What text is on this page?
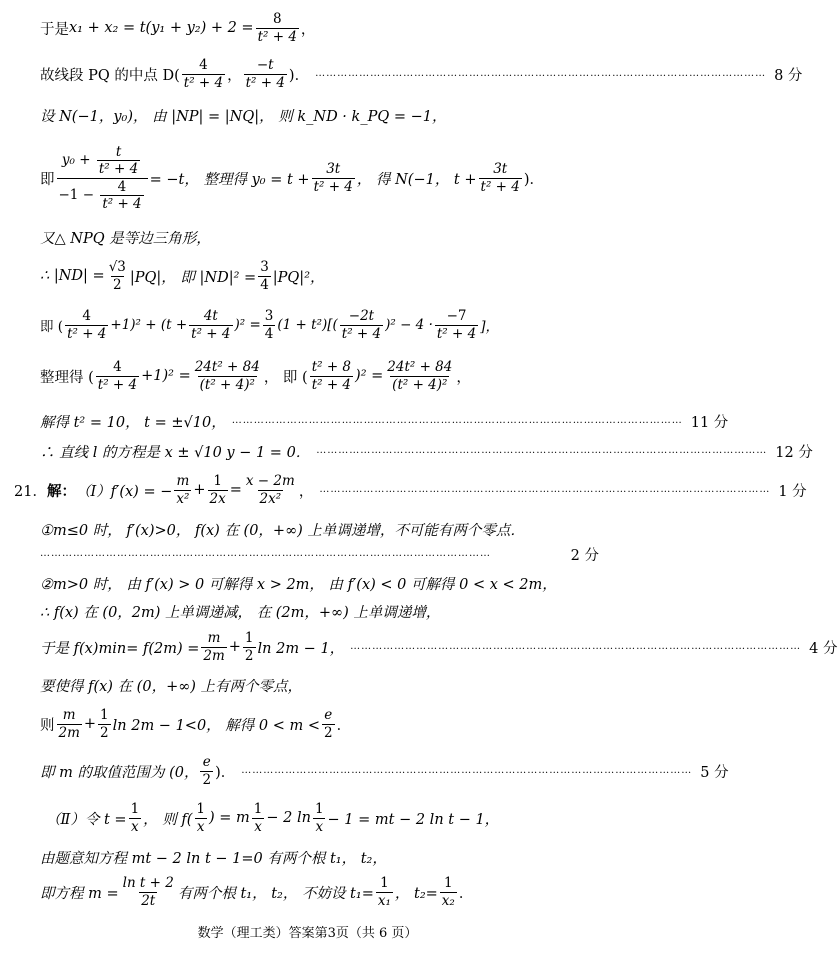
于是 $x_1 + x_2 = t(y_1 + y_2) + 2 = \frac{8}{\text{t² + 4}}$ ，
故线段 PQ 的中点 $D( \frac{4}{\text{t² + 4}}$ ， $\frac{-t}{\text{t² + 4}}$ )． …………………………………………………………………………………………………………… 8 分
设 N(−1，y₀)， 由 |NP| = |NQ|， 则 k_ND · k_PQ = −1，
即 $\frac{y_0 + \frac{t}{\text{t² + 4}}}{-1 - \frac{4}{\text{t² + 4}}} = -t$， 整理得 $y_0 = t + \frac{3t}{\text{t² + 4}}$ ， 得 N(−1， $t + \frac{3t}{\text{t² + 4}}$ )．
又△ NPQ 是等边三角形，
∴ $|ND| = \frac{√3}{2} |PQ|$， 即 $|ND|^2 = \frac{3}{4} |PQ|^2$，
即 ( $\frac{4}{\text{t² + 4}} +1)^2 + (t + \frac{4t}{\text{t² + 4}} )^2 = \frac{3}{4} (1 + t^2)[( \frac{-2t}{\text{t² + 4}} )^2 - 4 \cdot \frac{-7}{\text{t² + 4}}$ ]，
整理得 ( $\frac{4}{\text{t² + 4}} +1)^2 = \frac{\text{24t² + 84}}{\text{(t² + 4)²}}$ ， 即 ( $\frac{\text{t² + 8}}{\text{t² + 4}} )^2 = \frac{\text{24t² + 84}}{\text{(t² + 4)²}}$ ，
解得 t² = 10， t = ±√10， …………………………………………………………………………………………………………… 11 分
∴ 直线 l 的方程是 x ± √10 y − 1 = 0． …………………………………………………………………………………………………………… 12 分
21． 解： （Ⅰ）f′(x) = − $\frac{m}{\text{x²}} + \frac{1}{2x} = \frac{x - 2m}{\text{2x²}}$ ， …………………………………………………………………………………………………………… 1 分
①m≤0 时， f′(x)>0， f(x) 在 (0，+∞) 上单调递增，不可能有两个零点．
……………………………………………………………………………………………………………	2 分
②m>0 时， 由 f′(x) > 0 可解得 x > 2m， 由 f′(x) < 0 可解得 0 < x < 2m，
∴ f(x) 在 (0，2m) 上单调递减， 在 (2m，+∞) 上单调递增，
于是 $f(x)\min= f(2m) = \frac{m}{2m} + \frac{1}{2}$ ln 2m − 1， …………………………………………………………………………………………………………… 4 分
要使得 f(x) 在 (0，+∞) 上有两个零点，
则 $\frac{m}{2m} + \frac{1}{2}$ ln 2m − 1<0， 解得 $0 < m < \frac{e}{2}$ ．
即 m 的取值范围为 (0， $\frac{e}{2}$ )． …………………………………………………………………………………………………………… 5 分
（Ⅱ）令 $t = \frac{1}{x}$ ， 则 $f( \frac{1}{x}$ ) = m $\frac{1}{x} - 2$ $\ln \frac{1}{x} - 1$ = mt − 2 ln t − 1，
由题意知方程 mt − 2 ln t − 1=0 有两个根 t₁， t₂，
即方程 $m = \frac{\text{ln t + 2}}{2t}$ 有两个根 t₁， t₂， 不妨设 $t_1= \frac{1}{\text{x₁}}$ ， $t_2= \frac{1}{\text{x₂}}$ ．
数学（理工类）答案第3页（共 6 页）
